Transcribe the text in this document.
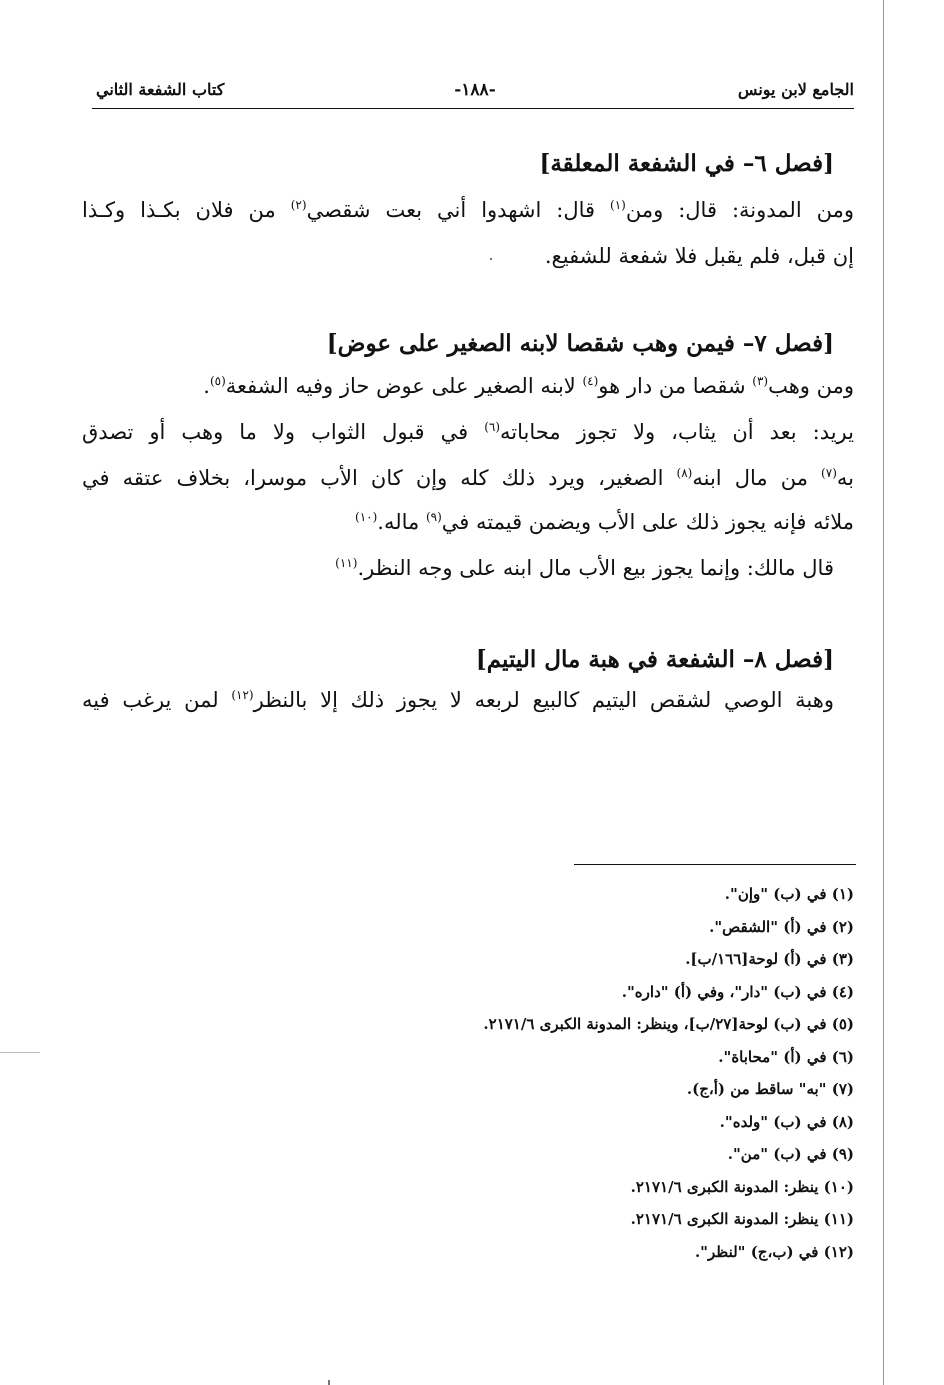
الجامع لابن يونس
-١٨٨-
كتاب الشفعة الثاني
[فصل ٦– في الشفعة المعلقة]
ومن المدونة: قال: ومن$^{(١)}$ قال: اشهدوا أني بعت شقصي$^{(٢)}$ من فلان بكـذا وكـذا
إن قبل، فلم يقبل فلا شفعة للشفيع.
[فصل ٧– فيمن وهب شقصا لابنه الصغير على عوض]
ومن وهب$^{(٣)}$ شقصا من دار هو$^{(٤)}$ لابنه الصغير على عوض حاز وفيه الشفعة$^{(٥)}$.
يريد: بعد أن يثاب، ولا تجوز محاباته$^{(٦)}$ في قبول الثواب ولا ما وهب أو تصدق
به$^{(٧)}$ من مال ابنه$^{(٨)}$ الصغير، ويرد ذلك كله وإن كان الأب موسرا، بخلاف عتقه في
ملائه فإنه يجوز ذلك على الأب ويضمن قيمته في$^{(٩)}$ ماله.$^{(١٠)}$
قال مالك: وإنما يجوز بيع الأب مال ابنه على وجه النظر.$^{(١١)}$
[فصل ٨– الشفعة في هبة مال اليتيم]
وهبة الوصي لشقص اليتيم كالبيع لربعه لا يجوز ذلك إلا بالنظر$^{(١٢)}$ لمن يرغب فيه
(١) في (ب) "وإن".
(٢) في (أ) "الشقص".
(٣) في (أ) لوحة[١٦٦/ب].
(٤) في (ب) "دار"، وفي (أ) "داره".
(٥) في (ب) لوحة[٢٧/ب]، وينظر: المدونة الكبرى ٢١٧١/٦.
(٦) في (أ) "محاباة".
(٧) "به" ساقط من (أ،ج).
(٨) في (ب) "ولده".
(٩) في (ب) "من".
(١٠) ينظر: المدونة الكبرى ٢١٧١/٦.
(١١) ينظر: المدونة الكبرى ٢١٧١/٦.
(١٢) في (ب،ج) "لنظر".
